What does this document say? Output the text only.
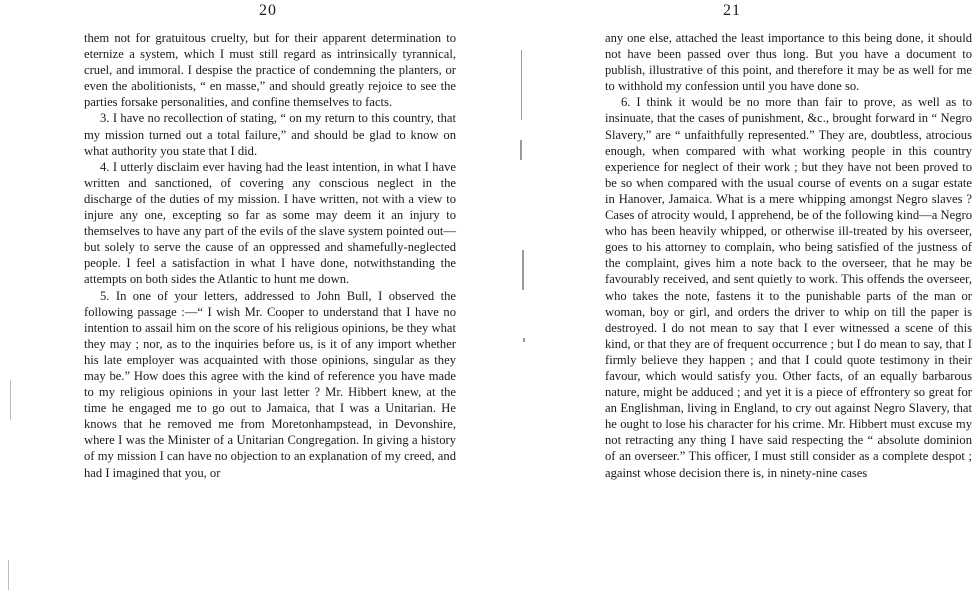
20

them not for gratuitous cruelty, but for their apparent determination to eternize a system, which I must still regard as intrinsically tyrannical, cruel, and immoral. I despise the practice of condemning the planters, or even the abolitionists, “ en masse,” and should greatly rejoice to see the parties forsake personalities, and confine themselves to facts.

3. I have no recollection of stating, “ on my return to this country, that my mission turned out a total failure,” and should be glad to know on what authority you state that I did.

4. I utterly disclaim ever having had the least intention, in what I have written and sanctioned, of covering any conscious neglect in the discharge of the duties of my mission. I have written, not with a view to injure any one, excepting so far as some may deem it an injury to themselves to have any part of the evils of the slave system pointed out—but solely to serve the cause of an oppressed and shamefully-neglected people. I feel a satisfaction in what I have done, notwithstanding the attempts on both sides the Atlantic to hunt me down.

5. In one of your letters, addressed to John Bull, I observed the following passage :—“ I wish Mr. Cooper to understand that I have no intention to assail him on the score of his religious opinions, be they what they may ; nor, as to the inquiries before us, is it of any import whether his late employer was acquainted with those opinions, singular as they may be.” How does this agree with the kind of reference you have made to my religious opinions in your last letter ? Mr. Hibbert knew, at the time he engaged me to go out to Jamaica, that I was a Unitarian. He knows that he removed me from Moretonhampstead, in Devonshire, where I was the Minister of a Unitarian Congregation. In giving a history of my mission I can have no objection to an explanation of my creed, and had I imagined that you, or

21

any one else, attached the least importance to this being done, it should not have been passed over thus long. But you have a document to publish, illustrative of this point, and therefore it may be as well for me to withhold my confession until you have done so.

6. I think it would be no more than fair to prove, as well as to insinuate, that the cases of punishment, &c., brought forward in “ Negro Slavery,” are “ unfaithfully represented.” They are, doubtless, atrocious enough, when compared with what working people in this country experience for neglect of their work ; but they have not been proved to be so when compared with the usual course of events on a sugar estate in Hanover, Jamaica. What is a mere whipping amongst Negro slaves ? Cases of atrocity would, I apprehend, be of the following kind—a Negro who has been heavily whipped, or otherwise ill-treated by his overseer, goes to his attorney to complain, who being satisfied of the justness of the complaint, gives him a note back to the overseer, that he may be favourably received, and sent quietly to work. This offends the overseer, who takes the note, fastens it to the punishable parts of the man or woman, boy or girl, and orders the driver to whip on till the paper is destroyed. I do not mean to say that I ever witnessed a scene of this kind, or that they are of frequent occurrence ; but I do mean to say, that I firmly believe they happen ; and that I could quote testimony in their favour, which would satisfy you. Other facts, of an equally barbarous nature, might be adduced ; and yet it is a piece of effrontery so great for an Englishman, living in England, to cry out against Negro Slavery, that he ought to lose his character for his crime. Mr. Hibbert must excuse my not retracting any thing I have said respecting the “ absolute dominion of an overseer.” This officer, I must still consider as a complete despot ; against whose decision there is, in ninety-nine cases
